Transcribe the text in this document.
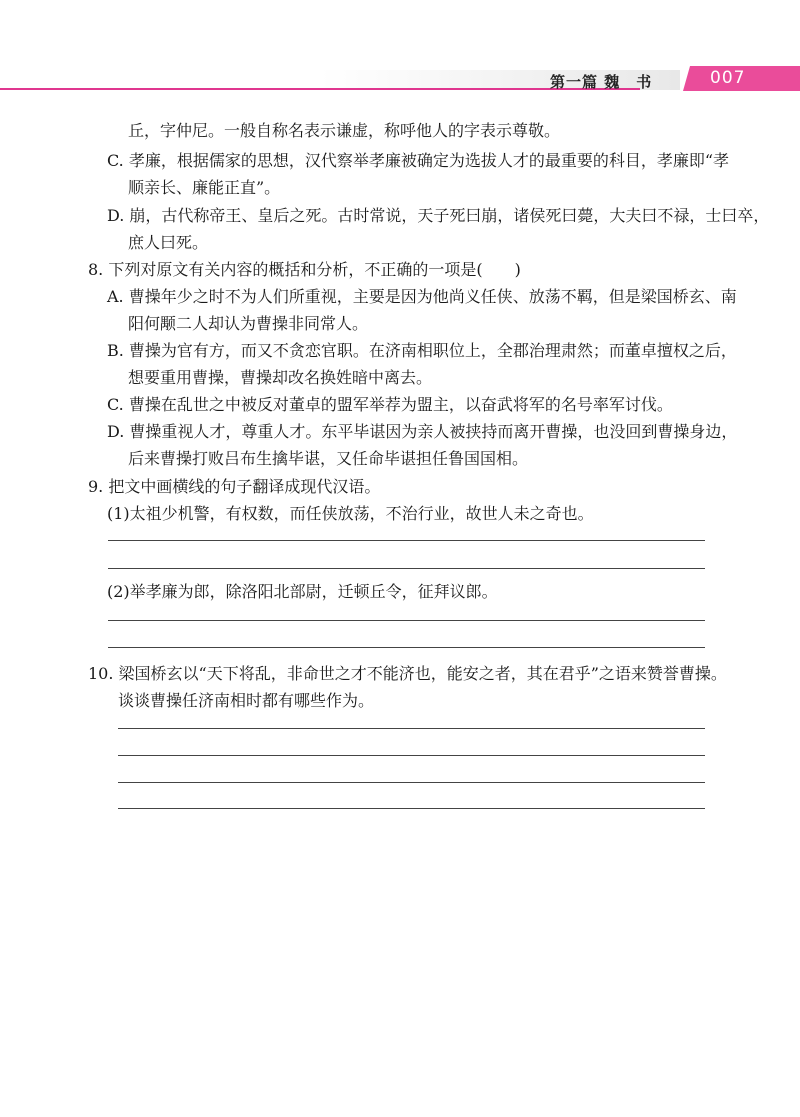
第一篇 魏　书	007
丘，字仲尼。一般自称名表示谦虚，称呼他人的字表示尊敬。
C. 孝廉，根据儒家的思想，汉代察举孝廉被确定为选拔人才的最重要的科目，孝廉即“孝
顺亲长、廉能正直”。
D. 崩，古代称帝王、皇后之死。古时常说，天子死曰崩，诸侯死曰薨，大夫曰不禄，士曰卒，
庶人曰死。
8. 下列对原文有关内容的概括和分析，不正确的一项是(　　)
A. 曹操年少之时不为人们所重视，主要是因为他尚义任侠、放荡不羁，但是梁国桥玄、南
阳何颙二人却认为曹操非同常人。
B. 曹操为官有方，而又不贪恋官职。在济南相职位上，全郡治理肃然；而董卓擅权之后，
想要重用曹操，曹操却改名换姓暗中离去。
C. 曹操在乱世之中被反对董卓的盟军举荐为盟主，以奋武将军的名号率军讨伐。
D. 曹操重视人才，尊重人才。东平毕谌因为亲人被挟持而离开曹操，也没回到曹操身边，
后来曹操打败吕布生擒毕谌，又任命毕谌担任鲁国国相。
9. 把文中画横线的句子翻译成现代汉语。
(1)太祖少机警，有权数，而任侠放荡，不治行业，故世人未之奇也。
(2)举孝廉为郎，除洛阳北部尉，迁顿丘令，征拜议郎。
10. 梁国桥玄以“天下将乱，非命世之才不能济也，能安之者，其在君乎”之语来赞誉曹操。
谈谈曹操任济南相时都有哪些作为。
